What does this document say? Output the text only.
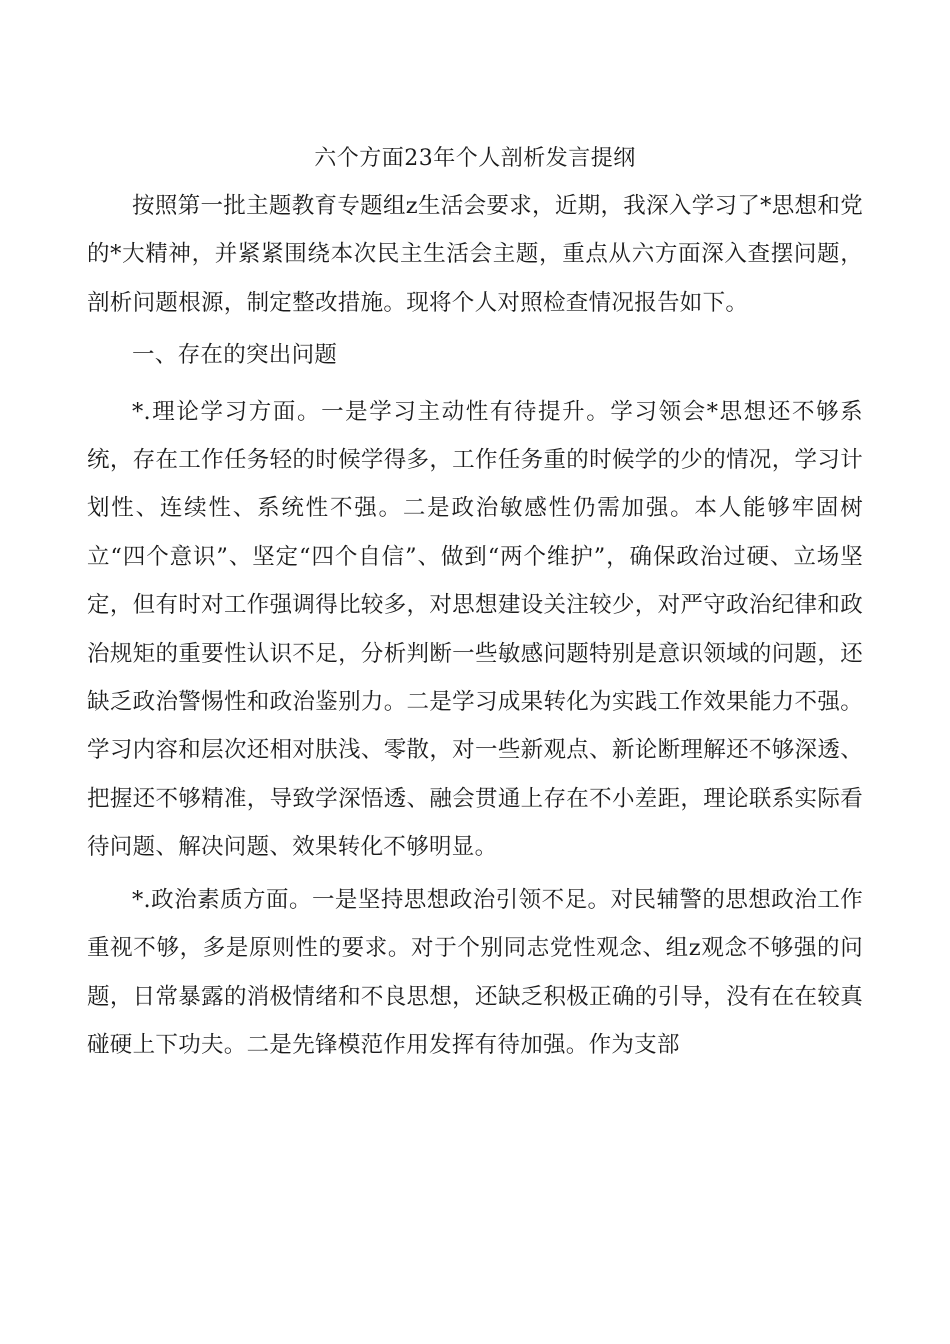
六个方面23年个人剖析发言提纲

按照第一批主题教育专题组z生活会要求，近期，我深入学习了*思想和党的*大精神，并紧紧围绕本次民主生活会主题，重点从六方面深入查摆问题，剖析问题根源，制定整改措施。现将个人对照检查情况报告如下。

一、存在的突出问题

*.理论学习方面。一是学习主动性有待提升。学习领会*思想还不够系统，存在工作任务轻的时候学得多，工作任务重的时候学的少的情况，学习计划性、连续性、系统性不强。二是政治敏感性仍需加强。本人能够牢固树立“四个意识”、坚定“四个自信”、做到“两个维护”，确保政治过硬、立场坚定，但有时对工作强调得比较多，对思想建设关注较少，对严守政治纪律和政治规矩的重要性认识不足，分析判断一些敏感问题特别是意识领域的问题，还缺乏政治警惕性和政治鉴别力。二是学习成果转化为实践工作效果能力不强。学习内容和层次还相对肤浅、零散，对一些新观点、新论断理解还不够深透、把握还不够精准，导致学深悟透、融会贯通上存在不小差距，理论联系实际看待问题、解决问题、效果转化不够明显。

*.政治素质方面。一是坚持思想政治引领不足。对民辅警的思想政治工作重视不够，多是原则性的要求。对于个别同志党性观念、组z观念不够强的问题，日常暴露的消极情绪和不良思想，还缺乏积极正确的引导，没有在在较真碰硬上下功夫。二是先锋模范作用发挥有待加强。作为支部
